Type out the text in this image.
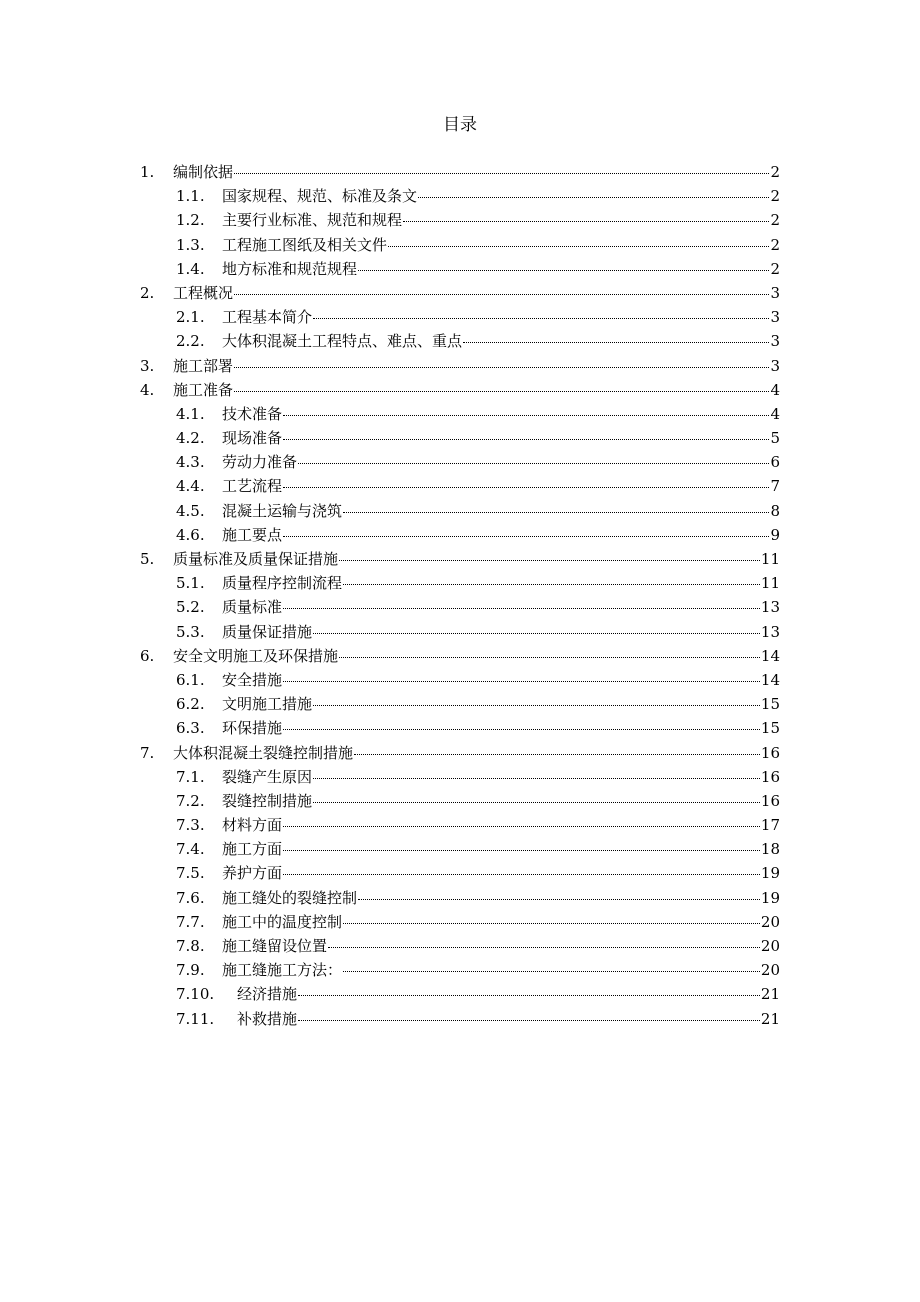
目录
1.	编制依据	2
1.1.	国家规程、规范、标准及条文	2
1.2.	主要行业标准、规范和规程	2
1.3.	工程施工图纸及相关文件	2
1.4.	地方标准和规范规程	2
2.	工程概况	3
2.1.	工程基本简介	3
2.2.	大体积混凝土工程特点、难点、重点	3
3.	施工部署	3
4.	施工准备	4
4.1.	技术准备	4
4.2.	现场准备	5
4.3.	劳动力准备	6
4.4.	工艺流程	7
4.5.	混凝土运输与浇筑	8
4.6.	施工要点	9
5.	质量标准及质量保证措施	11
5.1.	质量程序控制流程	11
5.2.	质量标准	13
5.3.	质量保证措施	13
6.	安全文明施工及环保措施	14
6.1.	安全措施	14
6.2.	文明施工措施	15
6.3.	环保措施	15
7.	大体积混凝土裂缝控制措施	16
7.1.	裂缝产生原因	16
7.2.	裂缝控制措施	16
7.3.	材料方面	17
7.4.	施工方面	18
7.5.	养护方面	19
7.6.	施工缝处的裂缝控制	19
7.7.	施工中的温度控制	20
7.8.	施工缝留设位置	20
7.9.	施工缝施工方法：	20
7.10.	经济措施	21
7.11.	补救措施	21
